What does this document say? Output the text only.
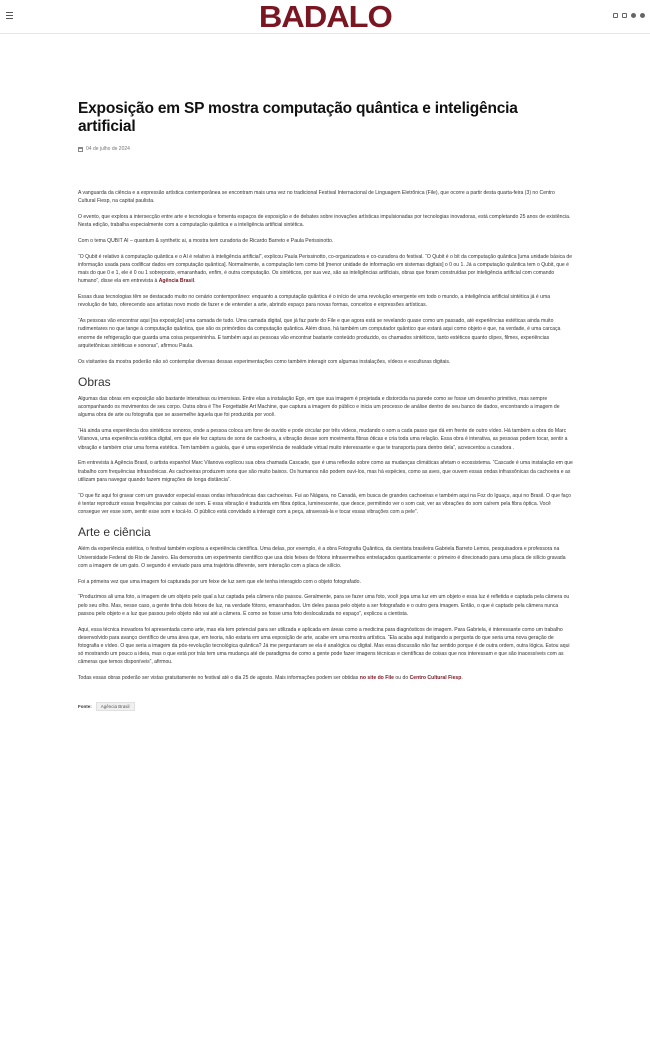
BADALO
Exposição em SP mostra computação quântica e inteligência artificial
04 de julho de 2024

A vanguarda da ciência e a expressão artística contemporânea se encontram mais uma vez no tradicional Festival Internacional de Linguagem Eletrônica (File), que ocorre a partir desta quarta-feira (3) no Centro Cultural Fiesp, na capital paulista.

O evento, que explora a intersecção entre arte e tecnologia e fomenta espaços de exposição e de debates sobre inovações artísticas impulsionadas por tecnologias inovadoras, está completando 25 anos de existência. Nesta edição, trabalha especialmente com a computação quântica e a inteligência artificial sintética.

Com o tema QUBIT AI – quantum & synthetic ai, a mostra tem curadoria de Ricardo Barreto e Paula Perissinotto.

“O Qubit é relativo à computação quântica e o AI é relativo à inteligência artificial”, explicou Paula Perissinotto, co-organizadora e co-curadora do festival. “O Qubit é o bit da computação quântica [uma unidade básica de informação usada para codificar dados em computação quântica]. Normalmente, a computação tem como bit [menor unidade de informação em sistemas digitais] o 0 ou 1. Já a computação quântica tem o Qubit, que é mais do que 0 e 1, ele é 0 ou 1 sobreposto, emaranhado, enfim, é outra computação. Os sintéticos, por sua vez, são as inteligências artificiais, obras que foram construídas por inteligência artificial com comando humano”, disse ela em entrevista à Agência Brasil.

Essas duas tecnologias têm se destacado muito no cenário contemporâneo: enquanto a computação quântica é o início de uma revolução emergente em todo o mundo, a inteligência artificial sintética já é uma revolução de fato, oferecendo aos artistas novo modo de fazer e de entender a arte, abrindo espaço para novas formas, conceitos e expressões artísticas.

“As pessoas vão encontrar aqui [na exposição] uma camada de tudo. Uma camada digital, que já faz parte do File e que agora está se revelando quase como um passado, até experiências estéticas ainda muito rudimentares no que tange à computação quântica, que são os primórdios da computação quântica. Além disso, há também um computador quântico que estará aqui como objeto e que, na verdade, é uma carcaça enorme de refrigeração que guarda uma coisa pequenininha. E também aqui as pessoas vão encontrar bastante conteúdo produzido, os chamados sintéticos, tanto estéticos quanto clipes, filmes, experiências arquitetônicas sintéticas e sonoras”, afirmou Paula.

Os visitantes da mostra poderão não só contemplar diversas dessas experimentações como também interagir com algumas instalações, vídeos e esculturas digitais.

Obras

Algumas das obras em exposição são bastante interativas ou imersivas. Entre elas a instalação Ego, em que sua imagem é projetada e distorcida na parede como se fosse um desenho primitivo, mas sempre acompanhando os movimentos de seu corpo. Outra obra é The Forgettable Art Machine, que captura a imagem do público e inicia um processo de análise dentro de seu banco de dados, encontrando a imagem de alguma obra de arte ou fotografia que se assemelhe àquela que foi produzida por você.

“Há ainda uma experiência dos sintéticos sonoros, onde a pessoa coloca um fone de ouvido e pode circular por três vídeos, mudando o som a cada passo que dá em frente de outro vídeo. Há também a obra do Marc Vilanova, uma experiência estética digital, em que ele fez captura de sons de cachoeira, a vibração desse som movimenta fibras óticas e cria toda uma relação. Essa obra é interativa, as pessoas podem tocar, sentir a vibração e também criar uma forma estética. Tem também a gaiola, que é uma experiência de realidade virtual muito interessante e que te transporta para dentro dela”, acrescentou a curadora .

Em entrevista à Agência Brasil, o artista espanhol Marc Vilanova explicou sua obra chamada Cascade, que é uma reflexão sobre como as mudanças climáticas afetam o ecossistema. “Cascade é uma instalação em que trabalho com frequências infrassônicas. As cachoeiras produzem sons que são muito baixos. Os humanos não podem ouvi-los, mas há espécies, como as aves, que ouvem essas ondas infrassônicas da cachoeira e as utilizam para navegar quando fazem migrações de longa distância”.

“O que fiz aqui foi gravar com um gravador especial essas ondas infrassônicas das cachoeiras. Fui ao Niágara, no Canadá, em busca de grandes cachoeiras e também aqui na Foz do Iguaçu, aqui no Brasil. O que faço é tentar reproduzir essas frequências por caixas de som. E essa vibração é traduzida em fibra óptica, luminescente, que desce, permitindo ver o som cair, ver as vibrações do som caírem pela fibra óptica. Você consegue ver esse som, sentir esse som e tocá-lo. O público está convidado a interagir com a peça, atravessá-la e tocar essas vibrações com a pele”.

Arte e ciência

Além da experiência estética, o festival também explora a experiência científica. Uma delas, por exemplo, é a obra Fotografia Quântica, da cientista brasileira Gabriela Barreto Lemos, pesquisadora e professora na Universidade Federal do Rio de Janeiro. Ela demonstra um experimento científico que usa dois feixes de fótons infravermelhos entrelaçados quanticamente: o primeiro é direcionado para uma placa de silício gravada com a imagem de um gato. O segundo é enviado para uma trajetória diferente, sem interação com a placa de silício.

Foi a primeira vez que uma imagem foi capturada por um feixe de luz sem que ele tenha interagido com o objeto fotografado.

“Produzimos ali uma foto, a imagem de um objeto pelo qual a luz captada pela câmera não passou. Geralmente, para se fazer uma foto, você joga uma luz em um objeto e essa luz é refletida e captada pela câmera ou pelo seu olho. Mas, nesse caso, a gente tinha dois feixes de luz, na verdade fótons, emaranhados. Um deles passa pelo objeto a ser fotografado e o outro gera imagem. Então, o que é captado pela câmera nunca passou pelo objeto e a luz que passou pelo objeto não vai até a câmera. É como se fosse uma foto deslocalizada no espaço”, explicou a cientista.

Aqui, essa técnica inovadora foi apresentada como arte, mas ela tem potencial para ser utilizada e aplicada em áreas como a medicina para diagnósticos de imagem. Para Gabriela, é interessante como um trabalho desenvolvido para avanço científico de uma área que, em teoria, não estaria em uma exposição de arte, acabe em uma mostra artística. “Ela acaba aqui instigando a pergunta do que seria uma nova geração de fotografia e vídeo. O que seria a imagem da pós-revolução tecnológica quântica? Já me perguntaram se ela é analógica ou digital. Mas essa discussão não faz sentido porque é de outra ordem, outra lógica. Estou aqui só mostrando um pouco a ideia, mas o que está por trás tem uma mudança até de paradigma de como a gente pode fazer imagens técnicas e científicas de coisas que nos interessam e que são inacessíveis com as câmeras que temos disponíveis”, afirmou.

Todas essas obras poderão ser vistas gratuitamente no festival até o dia 25 de agosto. Mais informações podem ser obtidas no site do File ou do Centro Cultural Fiesp.

Fonte:	Agência Brasil
